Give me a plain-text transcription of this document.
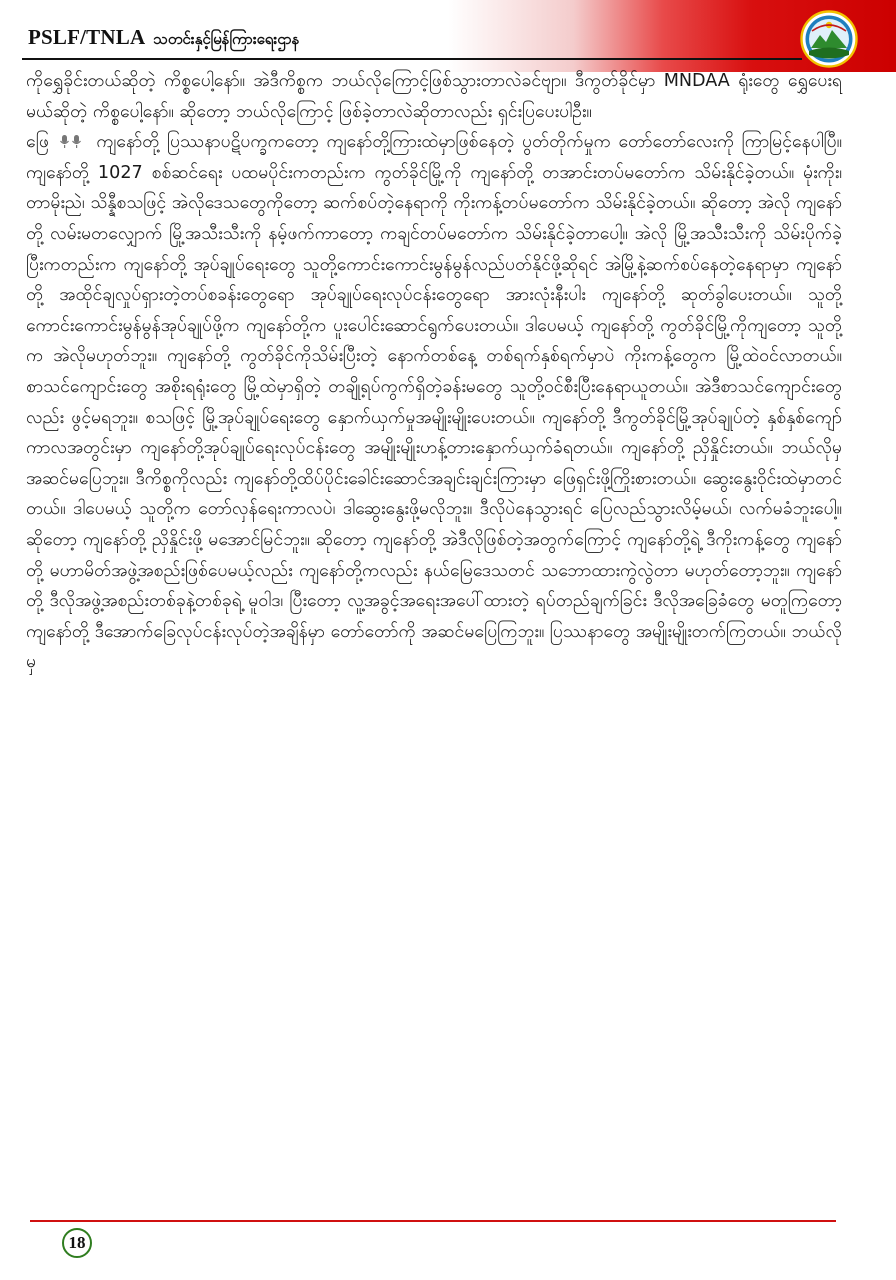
PSLF/TNLA သတင်းနှင့်မြန်ကြားရေးဌာန

ကိုရွှေခိုင်းတယ်ဆိုတဲ့ ကိစ္စပေါ့နော်။ အဲဒီကိစ္စက ဘယ်လိုကြောင့်ဖြစ်သွားတာလဲခင်ဗျာ။ ဒီကွတ်ခိုင်မှာ MNDAA ရုံးတွေ ရွှေပေးရမယ်ဆိုတဲ့ ကိစ္စပေါ့နော်။ ဆိုတော့ ဘယ်လိုကြောင့် ဖြစ်ခဲ့တာလဲဆိုတာလည်း ရှင်းပြပေးပါဦး။

ဖြေ	ကျနော်တို့ ပြဿနာပဋိပက္ခကတော့ ကျနော်တို့ကြားထဲမှာဖြစ်နေတဲ့ ပွတ်တိုက်မှုက တော်တော်လေးကို ကြာမြင့်နေပါပြီ။ ကျနော်တို့ 1027 စစ်ဆင်ရေး ပထမပိုင်းကတည်းက ကွတ်ခိုင်မြို့ကို ကျနော်တို့ တအာင်းတပ်မတော်က သိမ်းနိုင်ခဲ့တယ်။ မုံးကိုး၊ တာမိုးညဲ၊ သိန္နီစသဖြင့် အဲလိုဒေသတွေကိုတော့ ဆက်စပ်တဲ့နေရာကို ကိုးကန့်တပ်မတော်က သိမ်းနိုင်ခဲ့တယ်။ ဆိုတော့ အဲလို ကျနော်တို့ လမ်းမတလျှောက် မြို့အသီးသီးကို နမ့်ဖက်ကာတော့ ကချင်တပ်မတော်က သိမ်းနိုင်ခဲ့တာပေါ့။ အဲလို မြို့အသီးသီးကို သိမ်းပိုက်ခဲ့ပြီးကတည်းက ကျနော်တို့ အုပ်ချုပ်ရေးတွေ သူတို့ကောင်းကောင်းမွန်မွန်လည်ပတ်နိုင်ဖို့ဆိုရင် အဲမြို့နဲ့ဆက်စပ်နေတဲ့နေရာမှာ ကျနော်တို့ အထိုင်ချလှုပ်ရှားတဲ့တပ်စခန်းတွေရော အုပ်ချုပ်ရေးလုပ်ငန်းတွေရော အားလုံးနီးပါး ကျနော်တို့ ဆုတ်ခွါပေးတယ်။ သူတို့ကောင်းကောင်းမွန်မွန်အုပ်ချုပ်ဖို့က ကျနော်တို့က ပူးပေါင်းဆောင်ရွက်ပေးတယ်။ ဒါပေမယ့် ကျနော်တို့ ကွတ်ခိုင်မြို့ကိုကျတော့ သူတို့က အဲလိုမဟုတ်ဘူး။ ကျနော်တို့ ကွတ်ခိုင်ကိုသိမ်းပြီးတဲ့ နောက်တစ်နေ့ တစ်ရက်နှစ်ရက်မှာပဲ ကိုးကန့်တွေက မြို့ထဲဝင်လာတယ်။ စာသင်ကျောင်းတွေ အစိုးရရုံးတွေ မြို့ထဲမှာရှိတဲ့ တချို့ရပ်ကွက်ရှိတဲ့ခန်းမတွေ သူတို့ဝင်စီးပြီးနေရာယူတယ်။ အဲဒီစာသင်ကျောင်းတွေလည်း ဖွင့်မရဘူး။ စသဖြင့် မြို့အုပ်ချုပ်ရေးတွေ နှောက်ယှက်မှုအမျိုးမျိုးပေးတယ်။ ကျနော်တို့ ဒီကွတ်ခိုင်မြို့အုပ်ချုပ်တဲ့ နှစ်နှစ်ကျော်ကာလအတွင်းမှာ ကျနော်တို့အုပ်ချုပ်ရေးလုပ်ငန်းတွေ အမျိုးမျိုးဟန့်တားနှောက်ယှက်ခံရတယ်။ ကျနော်တို့ ညှိနှိုင်းတယ်။ ဘယ်လိုမှအဆင်မပြေဘူး။ ဒီကိစ္စကိုလည်း ကျနော်တို့ထိပ်ပိုင်းခေါင်းဆောင်အချင်းချင်းကြားမှာ ဖြေရှင်းဖို့ကြိုးစားတယ်။ ဆွေးနွေးဝိုင်းထဲမှာတင်တယ်။ ဒါပေမယ့် သူတို့က တော်လှန်ရေးကာလပဲ၊ ဒါဆွေးနွေးဖို့မလိုဘူး။ ဒီလိုပဲနေသွားရင် ပြေလည်သွားလိမ့်မယ်၊ လက်မခံဘူးပေါ့။ ဆိုတော့ ကျနော်တို့ ညှိနှိုင်းဖို့ မအောင်မြင်ဘူး။ ဆိုတော့ ကျနော်တို့ အဲဒီလိုဖြစ်တဲ့အတွက်ကြောင့် ကျနော်တို့ရဲ့ ဒီကိုးကန့်တွေ ကျနော်တို့ မဟာမိတ်အဖွဲ့အစည်းဖြစ်ပေမယ့်လည်း ကျနော်တို့ကလည်း နယ်မြေဒေသတင် သဘောထားကွဲလွဲတာ မဟုတ်တော့ဘူး။ ကျနော်တို့ ဒီလိုအဖွဲ့အစည်းတစ်ခုနဲ့တစ်ခုရဲ့ မူဝါဒ၊ ပြီးတော့ လူ့အခွင့်အရေးအပေါ်ထားတဲ့ ရပ်တည်ချက်ခြင်း ဒီလိုအခြေခံတွေ မတူကြတော့ ကျနော်တို့ ဒီအောက်ခြေလုပ်ငန်းလုပ်တဲ့အချိန်မှာ တော်တော်ကို အဆင်မပြေကြဘူး။ ပြဿနာတွေ အမျိုးမျိုးတက်ကြတယ်။ ဘယ်လိုမှ

18
